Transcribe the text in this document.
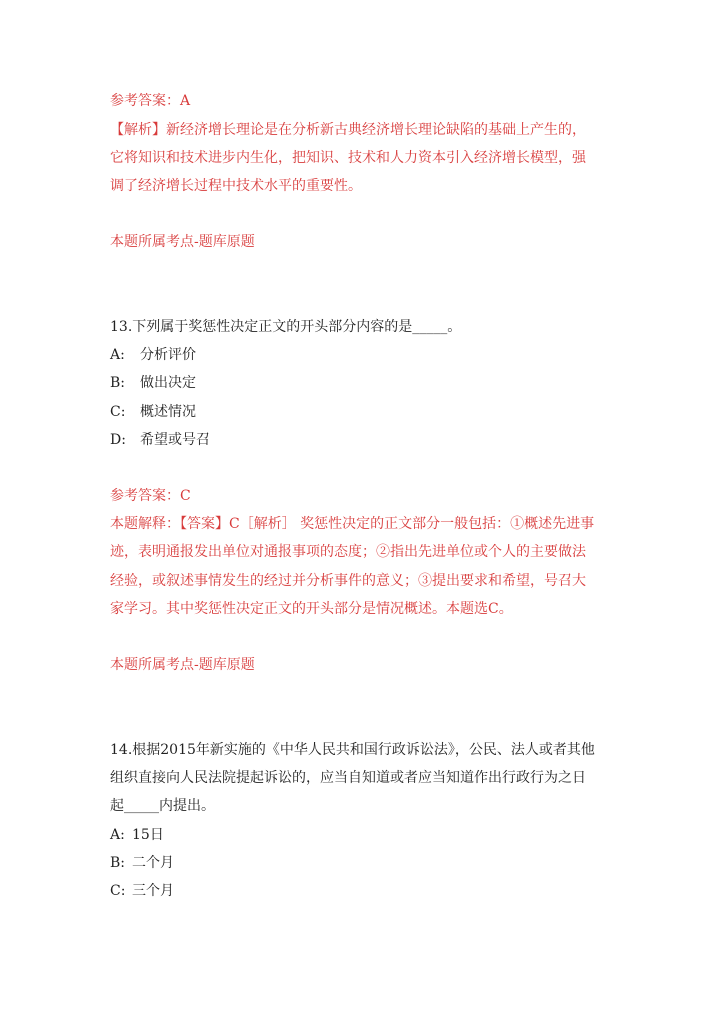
参考答案：A
【解析】新经济增长理论是在分析新古典经济增长理论缺陷的基础上产生的，
它将知识和技术进步内生化，把知识、技术和人力资本引入经济增长模型，强
调了经济增长过程中技术水平的重要性。
本题所属考点-题库原题
13.下列属于奖惩性决定正文的开头部分内容的是_____。
A: 分析评价
B: 做出决定
C: 概述情况
D: 希望或号召
参考答案：C
本题解释：【答案】C［解析］ 奖惩性决定的正文部分一般包括：①概述先进事
迹，表明通报发出单位对通报事项的态度；②指出先进单位或个人的主要做法
经验，或叙述事情发生的经过并分析事件的意义；③提出要求和希望，号召大
家学习。其中奖惩性决定正文的开头部分是情况概述。本题选C。
本题所属考点-题库原题
14.根据2015年新实施的《中华人民共和国行政诉讼法》，公民、法人或者其他
组织直接向人民法院提起诉讼的，应当自知道或者应当知道作出行政行为之日
起_____内提出。
A: 15日
B: 二个月
C: 三个月
